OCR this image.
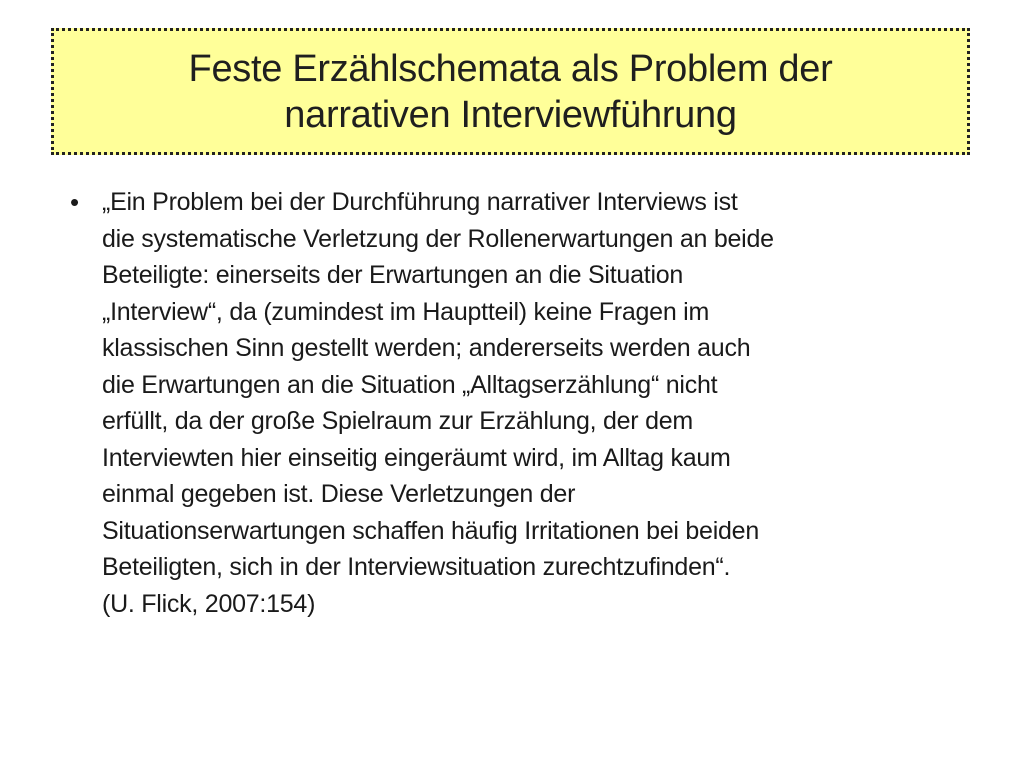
Feste Erzählschemata als Problem der
narrativen Interviewführung
• „Ein Problem bei der Durchführung narrativer Interviews ist
die systematische Verletzung der Rollenerwartungen an beide
Beteiligte: einerseits der Erwartungen an die Situation
„Interview“, da (zumindest im Hauptteil) keine Fragen im
klassischen Sinn gestellt werden; andererseits werden auch
die Erwartungen an die Situation „Alltagserzählung“ nicht
erfüllt, da der große Spielraum zur Erzählung, der dem
Interviewten hier einseitig eingeräumt wird, im Alltag kaum
einmal gegeben ist. Diese Verletzungen der
Situationserwartungen schaffen häufig Irritationen bei beiden
Beteiligten, sich in der Interviewsituation zurechtzufinden“.
(U. Flick, 2007:154)
